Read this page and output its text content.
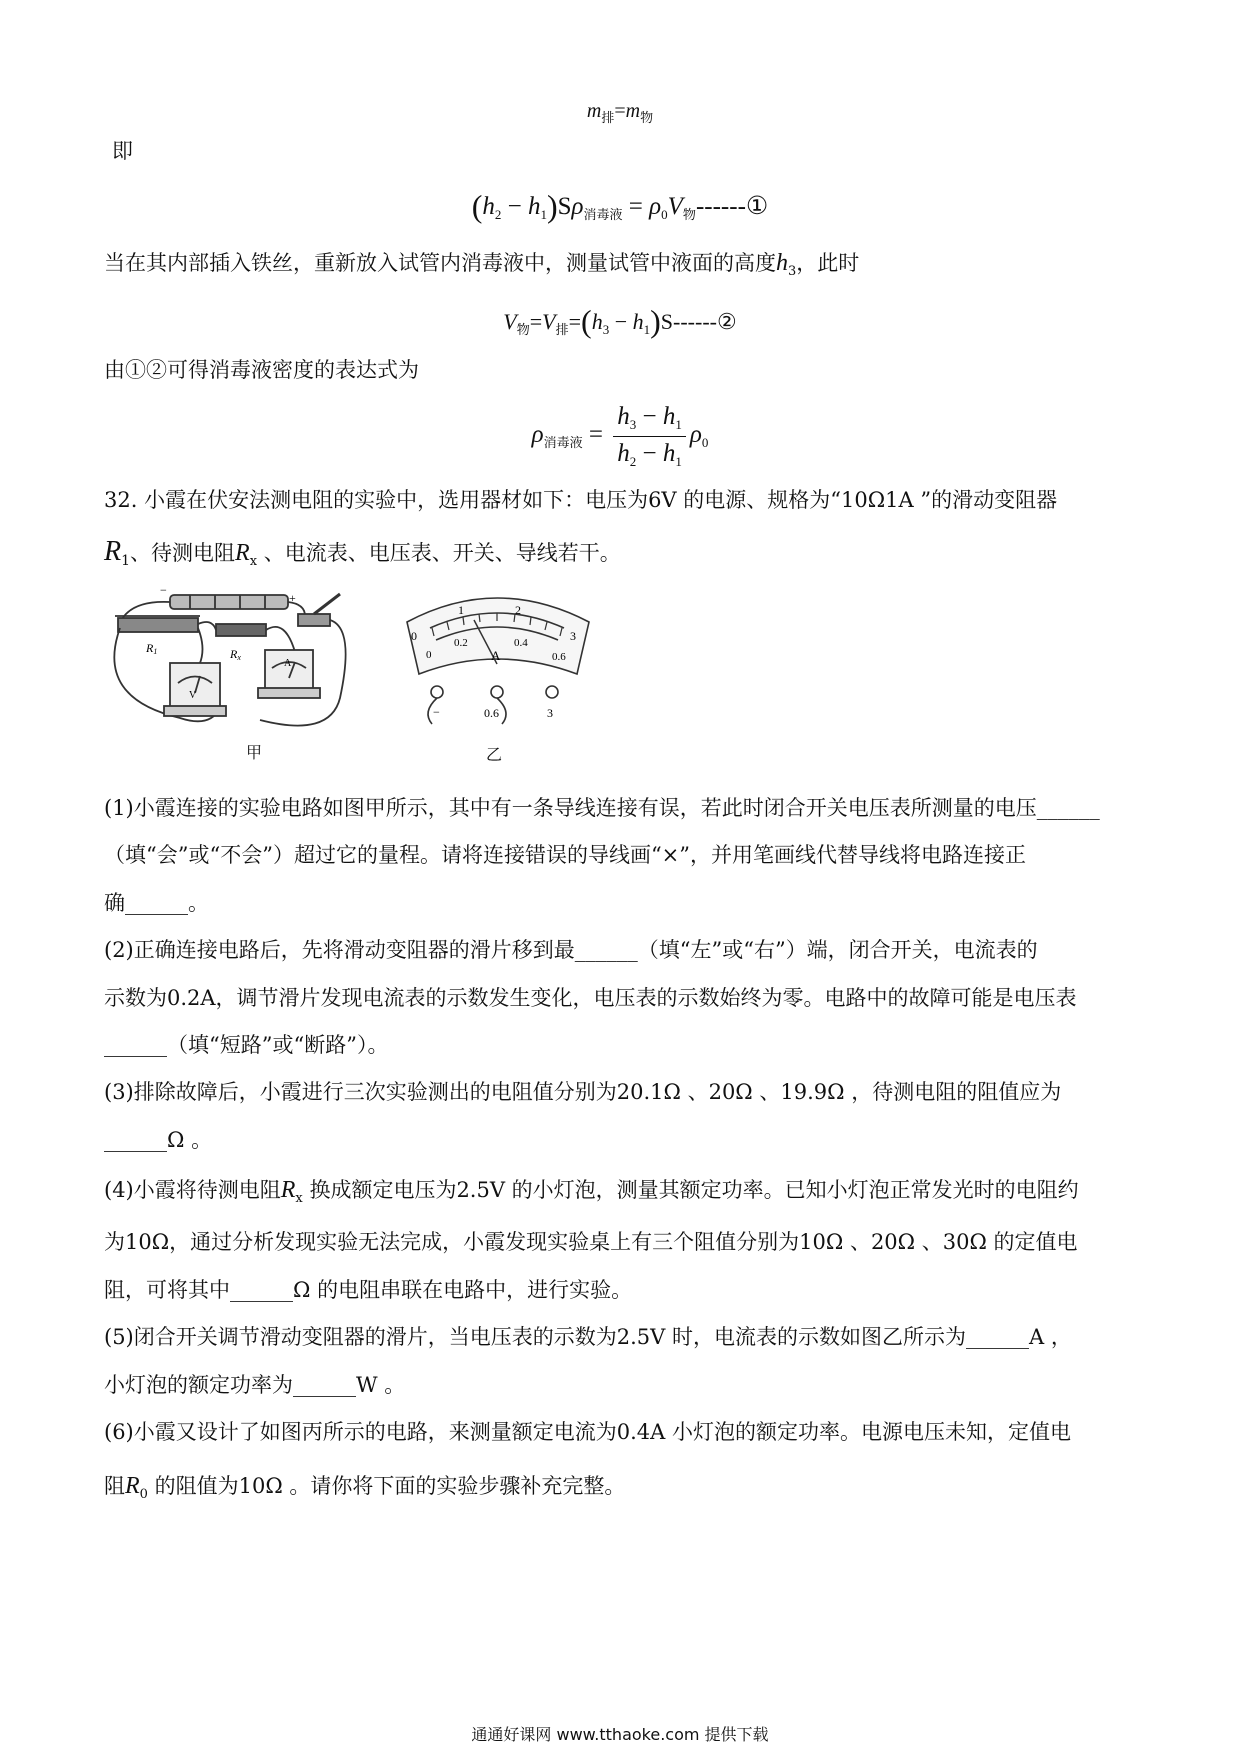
$m_排=m_物$
即
$(h_2 - h_1)S\rho_{消毒液}$ = $\rho_0V_物------①$
当在其内部插入铁丝，重新放入试管内消毒液中，测量试管中液面的高度$h_3$，此时
$V_物=V_排=(h_3$ − $h_1)S------②$
由①②可得消毒液密度的表达式为
$\rho_{消毒液} = \frac{h_3 - h_1}{h_2 - h_1} \rho_0$
32. 小霞在伏安法测电阻的实验中，选用器材如下：电压为6V 的电源、规格为“10Ω1A ”的滑动变阻器
$R_1$、待测电阻$R_x$ 、电流表、电压表、开关、导线若干。
−
+
R1	Rx
V
A
甲
0
1	2
3
0
0.2	0.4
0.6
A
−	0.6	3
乙
(1)小霞连接的实验电路如图甲所示，其中有一条导线连接有误，若此时闭合开关电压表所测量的电压______
（填“会”或“不会”）超过它的量程。请将连接错误的导线画“×”，并用笔画线代替导线将电路连接正
确______。
(2)正确连接电路后，先将滑动变阻器的滑片移到最______（填“左”或“右”）端，闭合开关，电流表的
示数为0.2A，调节滑片发现电流表的示数发生变化，电压表的示数始终为零。电路中的故障可能是电压表
______（填“短路”或“断路”）。
(3)排除故障后，小霞进行三次实验测出的电阻值分别为20.1Ω 、20Ω 、19.9Ω ，待测电阻的阻值应为
______Ω 。
(4)小霞将待测电阻$R_x$ 换成额定电压为2.5V 的小灯泡，测量其额定功率。已知小灯泡正常发光时的电阻约
为10Ω，通过分析发现实验无法完成，小霞发现实验桌上有三个阻值分别为10Ω 、20Ω 、30Ω 的定值电
阻，可将其中______Ω 的电阻串联在电路中，进行实验。
(5)闭合开关调节滑动变阻器的滑片，当电压表的示数为2.5V 时，电流表的示数如图乙所示为______A ，
小灯泡的额定功率为______W 。
(6)小霞又设计了如图丙所示的电路，来测量额定电流为0.4A 小灯泡的额定功率。电源电压未知，定值电
阻$R_0$ 的阻值为10Ω 。请你将下面的实验步骤补充完整。
通通好课网 www.tthaoke.com 提供下载
